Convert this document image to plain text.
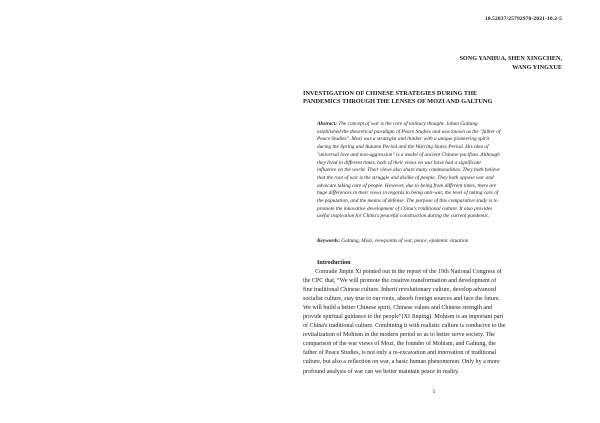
10.52837/25792970-2021-10.2-5
SONG YANHUA, SHEN XINGCHEN,
WANG YINGXUE
INVESTIGATION OF CHINESE STRATEGIES DURING THE
PANDEMICS THROUGH THE LENSES OF MOZI AND GALTUNG
Abstract: The concept of war is the core of military thought. Johan Galtung
established the theoretical paradigm of Peace Studies and was known as the "father of
Peace Studies". Mozi was a strategist and thinker with a unique pioneering spirit
during the Spring and Autumn Period and the Warring States Period. His idea of
"universal love and non-aggression" is a model of ancient Chinese pacifism. Although
they lived in different times, both of their views on war have had a significant
influence on the world. Their views also share many commonalities. They both believe
that the root of war is the struggle and dislike of people. They both oppose war and
advocate taking care of people. However, due to being from different times, there are
huge differences in their views in regards to being anti-war, the level of taking care of
the population, and the means of defense. The purpose of this comparative study is to
promote the innovative development of China's traditional culture. It also provides
useful inspiration for China's peaceful construction during the current pandemic.
Keywords: Galtung, Mozi, viewpoints of war, peace, epidemic situation
Introduction
Comrade Jinpin Xi pointed out in the report of the 19th National Congress of
the CPC that, “We will promote the creative transformation and development of
fine traditional Chinese culture. Inherit revolutionary culture, develop advanced
socialist culture, stay true to our roots, absorb foreign sources and face the future.
We will build a better Chinese spirit, Chinese values and Chinese strength and
provide spiritual guidance to the people”(XI Jinping). Mohism is an important part
of China's traditional culture. Combining it with realistic culture is conducive to the
revitalization of Mohism in the modern period so as to better serve society. The
comparison of the war views of Mozi, the founder of Mohism, and Galtung, the
father of Peace Studies, is not only a re-excavation and innovation of traditional
culture, but also a reflection on war, a basic human phenomenon. Only by a more
profound analysis of war can we better maintain peace in reality.
5
